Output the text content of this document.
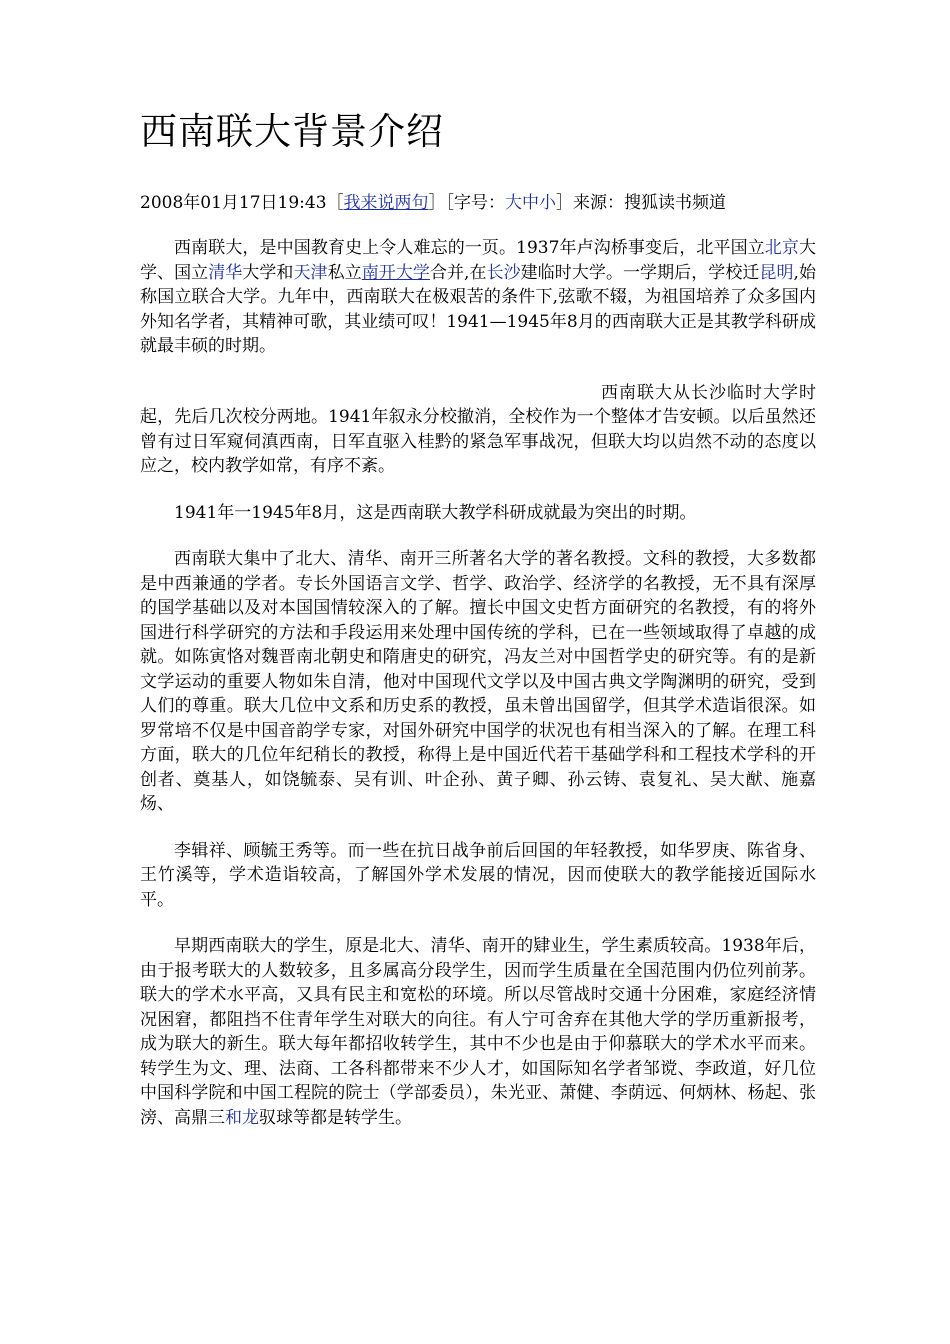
西南联大背景介绍
2008年01月17日19:43［我来说两句］［字号：大中小］来源：搜狐读书频道

西南联大，是中国教育史上令人难忘的一页。1937年卢沟桥事变后，北平国立北京大学、国立清华大学和天津私立南开大学合并,在长沙建临时大学。一学期后，学校迁昆明,始称国立联合大学。九年中，西南联大在极艰苦的条件下,弦歌不辍，为祖国培养了众多国内外知名学者，其精神可歌，其业绩可叹！1941—1945年8月的西南联大正是其教学科研成就最丰硕的时期。

西南联大从长沙临时大学时起，先后几次校分两地。1941年叙永分校撤消，全校作为一个整体才告安顿。以后虽然还曾有过日军窥伺滇西南，日军直驱入桂黔的紧急军事战况，但联大均以岿然不动的态度以应之，校内教学如常，有序不紊。

1941年一1945年8月，这是西南联大教学科研成就最为突出的时期。

西南联大集中了北大、清华、南开三所著名大学的著名教授。文科的教授，大多数都是中西兼通的学者。专长外国语言文学、哲学、政治学、经济学的名教授，无不具有深厚的国学基础以及对本国国情较深入的了解。擅长中国文史哲方面研究的名教授，有的将外国进行科学研究的方法和手段运用来处理中国传统的学科，已在一些领域取得了卓越的成就。如陈寅恪对魏晋南北朝史和隋唐史的研究，冯友兰对中国哲学史的研究等。有的是新文学运动的重要人物如朱自清，他对中国现代文学以及中国古典文学陶渊明的研究，受到人们的尊重。联大几位中文系和历史系的教授，虽未曾出国留学，但其学术造诣很深。如罗常培不仅是中国音韵学专家，对国外研究中国学的状况也有相当深入的了解。在理工科方面，联大的几位年纪稍长的教授，称得上是中国近代若干基础学科和工程技术学科的开创者、奠基人，如饶毓泰、吴有训、叶企孙、黄子卿、孙云铸、袁复礼、吴大猷、施嘉炀、

李辑祥、顾毓王秀等。而一些在抗日战争前后回国的年轻教授，如华罗庚、陈省身、王竹溪等，学术造诣较高，了解国外学术发展的情况，因而使联大的教学能接近国际水平。

早期西南联大的学生，原是北大、清华、南开的肄业生，学生素质较高。1938年后，由于报考联大的人数较多，且多属高分段学生，因而学生质量在全国范围内仍位列前茅。联大的学术水平高，又具有民主和宽松的环境。所以尽管战时交通十分困难，家庭经济情况困窘，都阻挡不住青年学生对联大的向往。有人宁可舍弃在其他大学的学历重新报考，成为联大的新生。联大每年都招收转学生，其中不少也是由于仰慕联大的学术水平而来。转学生为文、理、法商、工各科都带来不少人才，如国际知名学者邹谠、李政道，好几位中国科学院和中国工程院的院士（学部委员），朱光亚、萧健、李荫远、何炳林、杨起、张滂、高鼎三和龙驭球等都是转学生。
